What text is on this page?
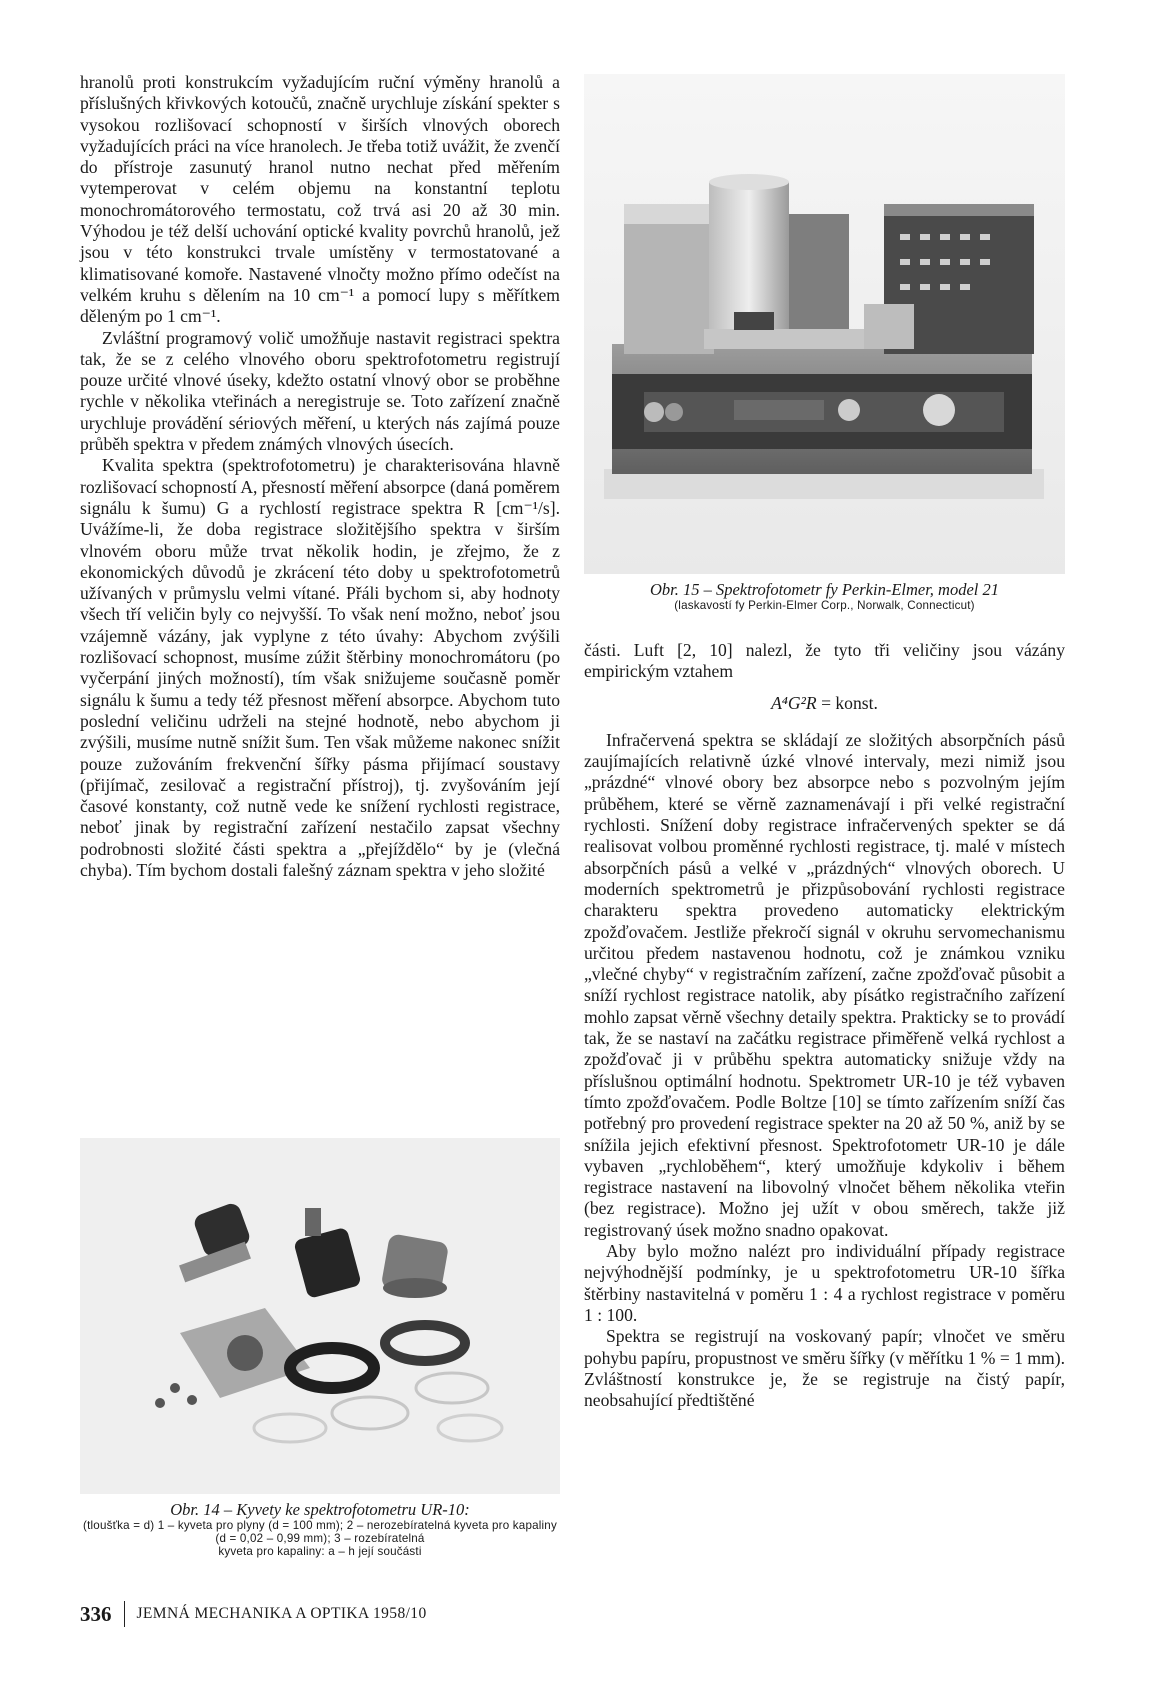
hranolů proti konstrukcím vyžadujícím ruční výměny hranolů a příslušných křivkových kotoučů, značně urychluje získání spekter s vysokou rozlišovací schopností v širších vlnových oborech vyžadujících práci na více hranolech. Je třeba totiž uvážit, že zvenčí do přístroje zasunutý hranol nutno nechat před měřením vytemperovat v celém objemu na konstantní teplotu monochromátorového termostatu, což trvá asi 20 až 30 min. Výhodou je též delší uchování optické kvality povrchů hranolů, jež jsou v této konstrukci trvale umístěny v termostatované a klimatisované komoře. Nastavené vlnočty možno přímo odečíst na velkém kruhu s dělením na 10 cm⁻¹ a pomocí lupy s měřítkem děleným po 1 cm⁻¹.

Zvláštní programový volič umožňuje nastavit registraci spektra tak, že se z celého vlnového oboru spektrofotometru registrují pouze určité vlnové úseky, kdežto ostatní vlnový obor se proběhne rychle v několika vteřinách a neregistruje se. Toto zařízení značně urychluje provádění sériových měření, u kterých nás zajímá pouze průběh spektra v předem známých vlnových úsecích.

Kvalita spektra (spektrofotometru) je charakterisována hlavně rozlišovací schopností A, přesností měření absorpce (daná poměrem signálu k šumu) G a rychlostí registrace spektra R [cm⁻¹/s]. Uvážíme-li, že doba registrace složitějšího spektra v širším vlnovém oboru může trvat několik hodin, je zřejmo, že z ekonomických důvodů je zkrácení této doby u spektrofotometrů užívaných v průmyslu velmi vítané. Přáli bychom si, aby hodnoty všech tří veličin byly co nejvyšší. To však není možno, neboť jsou vzájemně vázány, jak vyplyne z této úvahy: Abychom zvýšili rozlišovací schopnost, musíme zúžit štěrbiny monochromátoru (po vyčerpání jiných možností), tím však snižujeme současně poměr signálu k šumu a tedy též přesnost měření absorpce. Abychom tuto poslední veličinu udrželi na stejné hodnotě, nebo abychom ji zvýšili, musíme nutně snížit šum. Ten však můžeme nakonec snížit pouze zužováním frekvenční šířky pásma přijímací soustavy (přijímač, zesilovač a registrační přístroj), tj. zvyšováním její časové konstanty, což nutně vede ke snížení rychlosti registrace, neboť jinak by registrační zařízení nestačilo zapsat všechny podrobnosti složité části spektra a „přejíždělo“ by je (vlečná chyba). Tím bychom dostali falešný záznam spektra v jeho složité

Obr. 15 – Spektrofotometr fy Perkin-Elmer, model 21
(laskavostí fy Perkin-Elmer Corp., Norwalk, Connecticut)

části. Luft [2, 10] nalezl, že tyto tři veličiny jsou vázány empirickým vztahem

A⁴G²R = konst.

Infračervená spektra se skládají ze složitých absorpčních pásů zaujímajících relativně úzké vlnové intervaly, mezi nimiž jsou „prázdné“ vlnové obory bez absorpce nebo s pozvolným jejím průběhem, které se věrně zaznamenávají i při velké registrační rychlosti. Snížení doby registrace infračervených spekter se dá realisovat volbou proměnné rychlosti registrace, tj. malé v místech absorpčních pásů a velké v „prázdných“ vlnových oborech. U moderních spektrometrů je přizpůsobování rychlosti registrace charakteru spektra provedeno automaticky elektrickým zpožďovačem. Jestliže překročí signál v okruhu servomechanismu určitou předem nastavenou hodnotu, což je známkou vzniku „vlečné chyby“ v registračním zařízení, začne zpožďovač působit a sníží rychlost registrace natolik, aby písátko registračního zařízení mohlo zapsat věrně všechny detaily spektra. Prakticky se to provádí tak, že se nastaví na začátku registrace přiměřeně velká rychlost a zpožďovač ji v průběhu spektra automaticky snižuje vždy na příslušnou optimální hodnotu. Spektrometr UR-10 je též vybaven tímto zpožďovačem. Podle Boltze [10] se tímto zařízením sníží čas potřebný pro provedení registrace spekter na 20 až 50 %, aniž by se snížila jejich efektivní přesnost. Spektrofotometr UR-10 je dále vybaven „rychloběhem“, který umožňuje kdykoliv i během registrace nastavení na libovolný vlnočet během několika vteřin (bez registrace). Možno jej užít v obou směrech, takže již registrovaný úsek možno snadno opakovat.

Aby bylo možno nalézt pro individuální případy registrace nejvýhodnější podmínky, je u spektrofotometru UR-10 šířka štěrbiny nastavitelná v poměru 1 : 4 a rychlost registrace v poměru 1 : 100.

Spektra se registrují na voskovaný papír; vlnočet ve směru pohybu papíru, propustnost ve směru šířky (v měřítku 1 % = 1 mm). Zvláštností konstrukce je, že se registruje na čistý papír, neobsahující předtištěné

Obr. 14 – Kyvety ke spektrofotometru UR-10:
(tloušťka = d) 1 – kyveta pro plyny (d = 100 mm); 2 – nerozebíratelná kyveta pro kapaliny (d = 0,02 – 0,99 mm); 3 – rozebíratelná
kyveta pro kapaliny: a – h její součásti
336 JEMNÁ MECHANIKA A OPTIKA 1958/10
